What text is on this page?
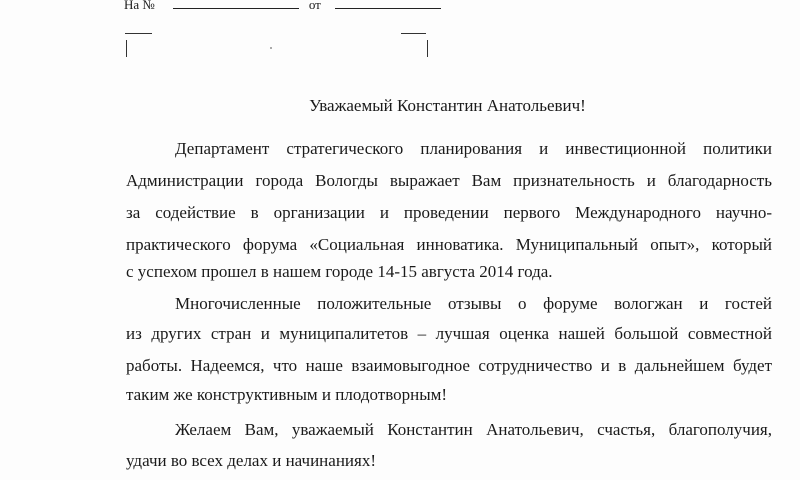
На №	от
Уважаемый Константин Анатольевич!
Департамент стратегического планирования и инвестиционной политики
Администрации города Вологды выражает Вам признательность и благодарность
за содействие в организации и проведении первого Международного научно-
практического форума «Социальная инноватика. Муниципальный опыт», который
с успехом прошел в нашем городе 14-15 августа 2014 года.
Многочисленные положительные отзывы о форуме вологжан и гостей
из других стран и муниципалитетов – лучшая оценка нашей большой совместной
работы. Надеемся, что наше взаимовыгодное сотрудничество и в дальнейшем будет
таким же конструктивным и плодотворным!
Желаем Вам, уважаемый Константин Анатольевич, счастья, благополучия,
удачи во всех делах и начинаниях!
